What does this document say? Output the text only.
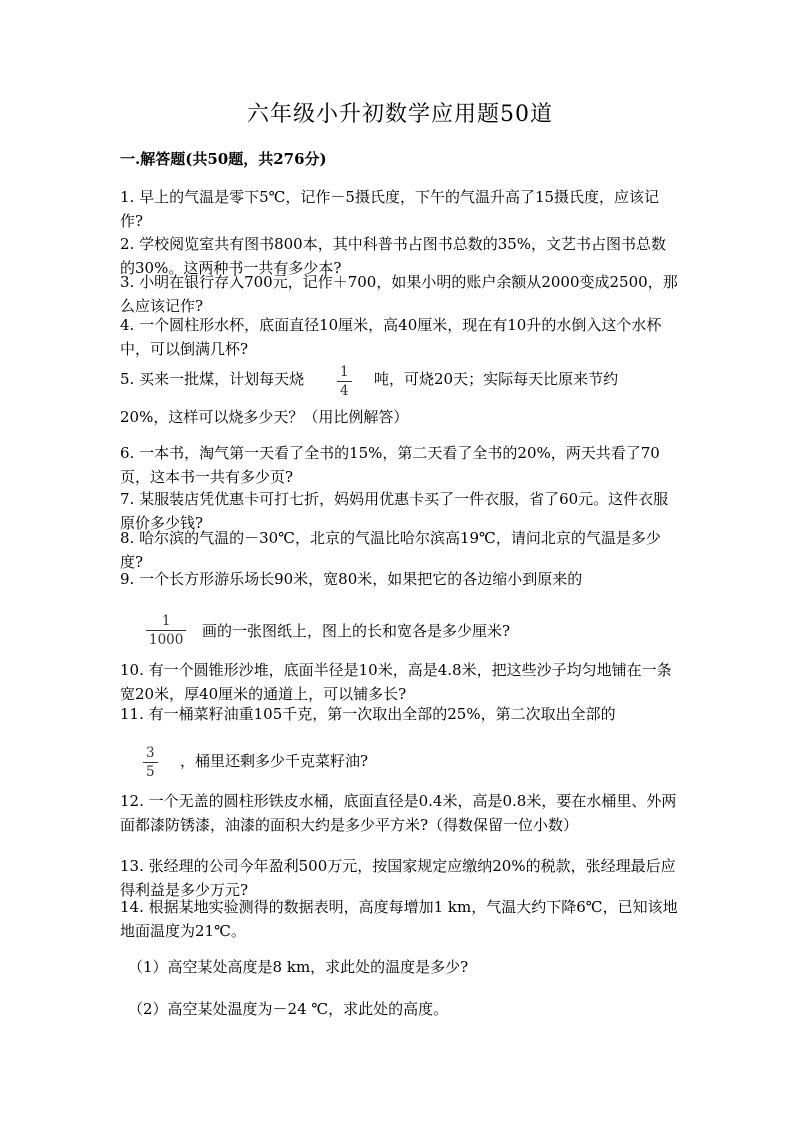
六年级小升初数学应用题50道
一.解答题(共50题，共276分)
1. 早上的气温是零下5℃，记作－5摄氏度，下午的气温升高了15摄氏度，应该记作?
2. 学校阅览室共有图书800本，其中科普书占图书总数的35%，文艺书占图书总数的30%。这两种书一共有多少本?
3. 小明在银行存入700元，记作＋700，如果小明的账户余额从2000变成2500，那么应该记作?
4. 一个圆柱形水杯，底面直径10厘米，高40厘米，现在有10升的水倒入这个水杯中，可以倒满几杯?
5. 买来一批煤，计划每天烧	1
4
吨，可烧20天；实际每天比原来节约
20%，这样可以烧多少天？（用比例解答）
6. 一本书，淘气第一天看了全书的15%，第二天看了全书的20%，两天共看了70页，这本书一共有多少页?
7. 某服装店凭优惠卡可打七折，妈妈用优惠卡买了一件衣服，省了60元。这件衣服原价多少钱?
8. 哈尔滨的气温的－30℃，北京的气温比哈尔滨高19℃，请问北京的气温是多少度?
9. 一个长方形游乐场长90米，宽80米，如果把它的各边缩小到原来的
1
1000 画的一张图纸上，图上的长和宽各是多少厘米?
10. 有一个圆锥形沙堆，底面半径是10米，高是4.8米，把这些沙子均匀地铺在一条宽20米，厚40厘米的通道上，可以铺多长?
11. 有一桶菜籽油重105千克，第一次取出全部的25%，第二次取出全部的
3
5
，桶里还剩多少千克菜籽油?
12. 一个无盖的圆柱形铁皮水桶，底面直径是0.4米，高是0.8米，要在水桶里、外两面都漆防锈漆，油漆的面积大约是多少平方米?（得数保留一位小数）
13. 张经理的公司今年盈利500万元，按国家规定应缴纳20%的税款，张经理最后应得利益是多少万元?
14. 根据某地实验测得的数据表明，高度每增加1 km，气温大约下降6℃，已知该地地面温度为21℃。
（1）高空某处高度是8 km，求此处的温度是多少?
（2）高空某处温度为－24 ℃，求此处的高度。
